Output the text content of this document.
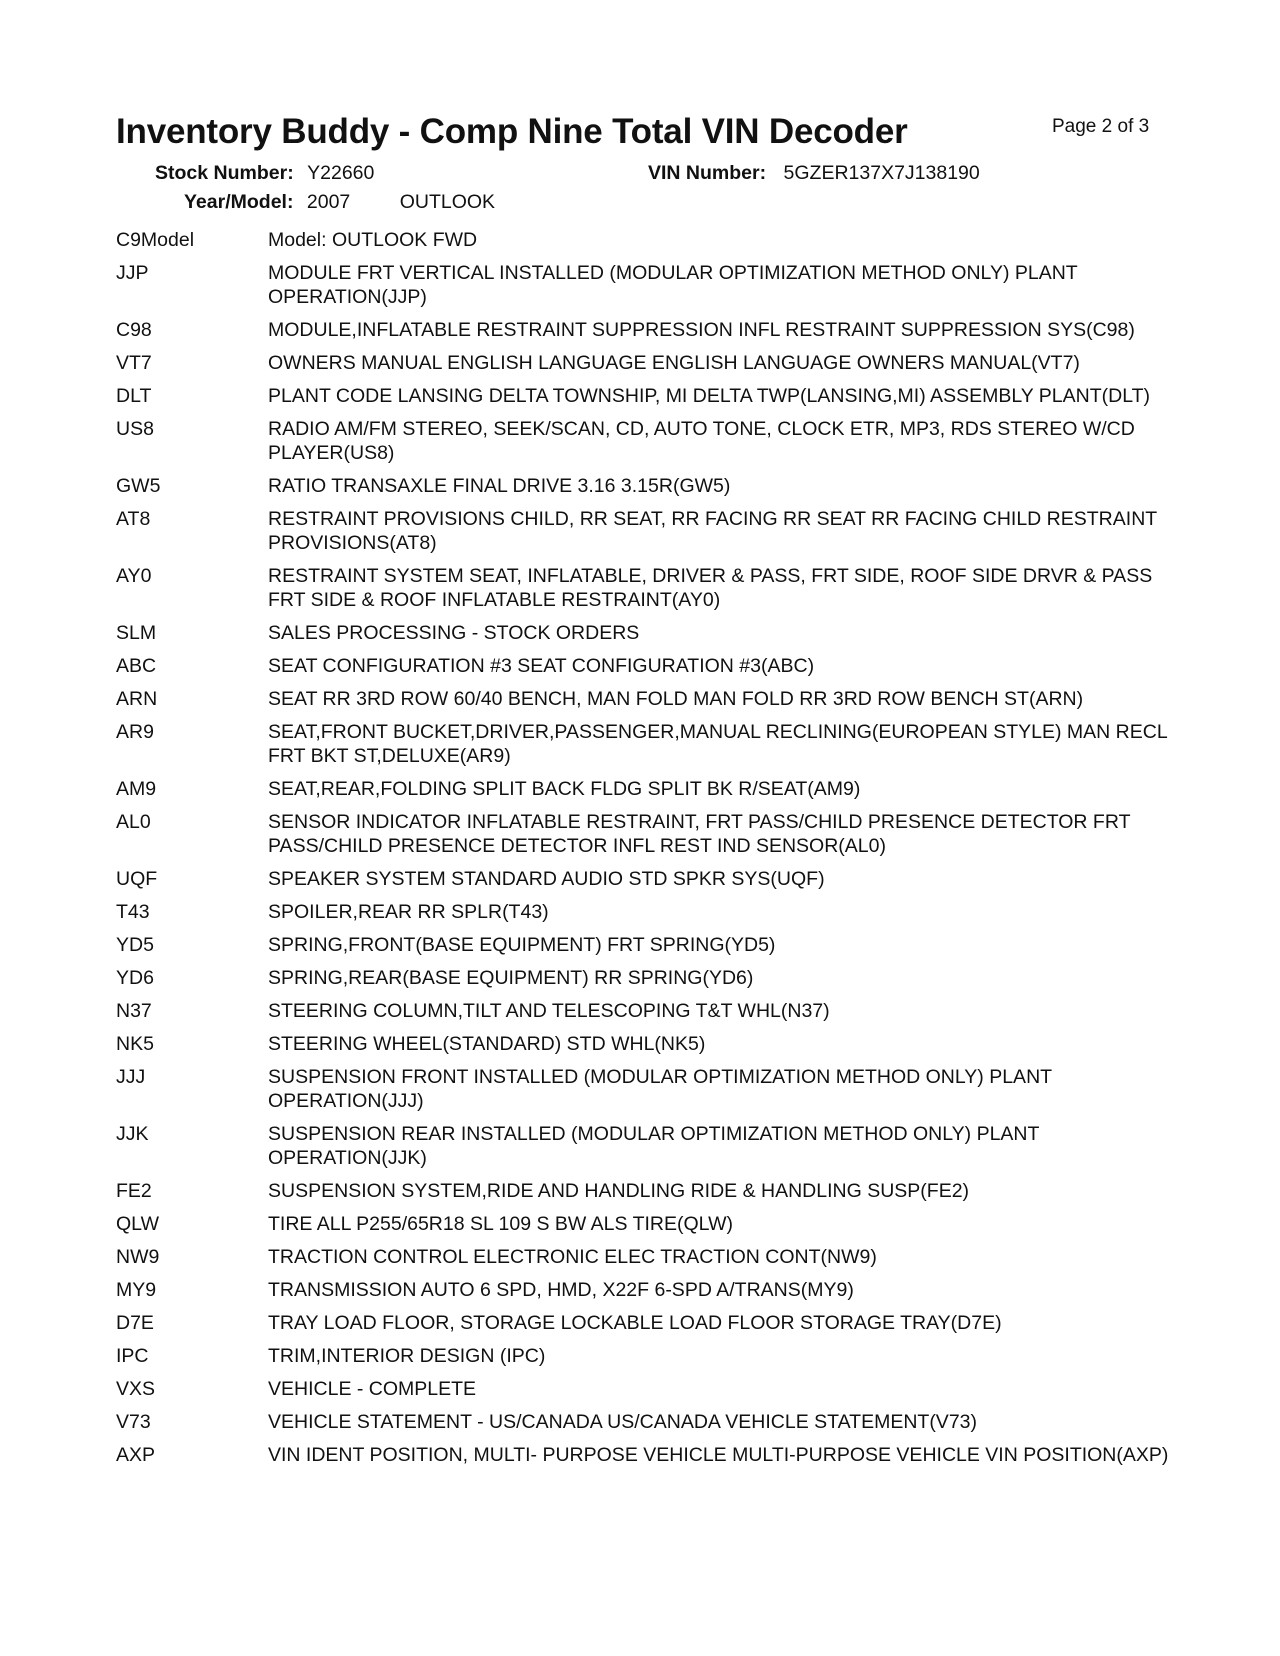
Inventory Buddy - Comp Nine Total VIN Decoder	Page 2 of 3
Stock Number: Y22660	VIN Number: 5GZER137X7J138190
Year/Model: 2007	OUTLOOK
C9Model	Model: OUTLOOK FWD
JJP	MODULE FRT VERTICAL INSTALLED (MODULAR OPTIMIZATION METHOD ONLY) PLANT OPERATION(JJP)
C98	MODULE,INFLATABLE RESTRAINT SUPPRESSION INFL RESTRAINT SUPPRESSION SYS(C98)
VT7	OWNERS MANUAL ENGLISH LANGUAGE ENGLISH LANGUAGE OWNERS MANUAL(VT7)
DLT	PLANT CODE LANSING DELTA TOWNSHIP, MI DELTA TWP(LANSING,MI) ASSEMBLY PLANT(DLT)
US8	RADIO AM/FM STEREO, SEEK/SCAN, CD, AUTO TONE, CLOCK ETR, MP3, RDS STEREO W/CD PLAYER(US8)
GW5	RATIO TRANSAXLE FINAL DRIVE 3.16 3.15R(GW5)
AT8	RESTRAINT PROVISIONS CHILD, RR SEAT, RR FACING RR SEAT RR FACING CHILD RESTRAINT PROVISIONS(AT8)
AY0	RESTRAINT SYSTEM SEAT, INFLATABLE, DRIVER & PASS, FRT SIDE, ROOF SIDE DRVR & PASS FRT SIDE & ROOF INFLATABLE RESTRAINT(AY0)
SLM	SALES PROCESSING - STOCK ORDERS
ABC	SEAT CONFIGURATION #3 SEAT CONFIGURATION #3(ABC)
ARN	SEAT RR 3RD ROW 60/40 BENCH, MAN FOLD MAN FOLD RR 3RD ROW BENCH ST(ARN)
AR9	SEAT,FRONT BUCKET,DRIVER,PASSENGER,MANUAL RECLINING(EUROPEAN STYLE) MAN RECL FRT BKT ST,DELUXE(AR9)
AM9	SEAT,REAR,FOLDING SPLIT BACK FLDG SPLIT BK R/SEAT(AM9)
AL0	SENSOR INDICATOR INFLATABLE RESTRAINT, FRT PASS/CHILD PRESENCE DETECTOR FRT PASS/CHILD PRESENCE DETECTOR INFL REST IND SENSOR(AL0)
UQF	SPEAKER SYSTEM STANDARD AUDIO STD SPKR SYS(UQF)
T43	SPOILER,REAR RR SPLR(T43)
YD5	SPRING,FRONT(BASE EQUIPMENT) FRT SPRING(YD5)
YD6	SPRING,REAR(BASE EQUIPMENT) RR SPRING(YD6)
N37	STEERING COLUMN,TILT AND TELESCOPING T&T WHL(N37)
NK5	STEERING WHEEL(STANDARD) STD WHL(NK5)
JJJ	SUSPENSION FRONT INSTALLED (MODULAR OPTIMIZATION METHOD ONLY) PLANT OPERATION(JJJ)
JJK	SUSPENSION REAR INSTALLED (MODULAR OPTIMIZATION METHOD ONLY) PLANT OPERATION(JJK)
FE2	SUSPENSION SYSTEM,RIDE AND HANDLING RIDE & HANDLING SUSP(FE2)
QLW	TIRE ALL P255/65R18 SL 109 S BW ALS TIRE(QLW)
NW9	TRACTION CONTROL ELECTRONIC ELEC TRACTION CONT(NW9)
MY9	TRANSMISSION AUTO 6 SPD, HMD, X22F 6-SPD A/TRANS(MY9)
D7E	TRAY LOAD FLOOR, STORAGE LOCKABLE LOAD FLOOR STORAGE TRAY(D7E)
IPC	TRIM,INTERIOR DESIGN (IPC)
VXS	VEHICLE - COMPLETE
V73	VEHICLE STATEMENT - US/CANADA US/CANADA VEHICLE STATEMENT(V73)
AXP	VIN IDENT POSITION, MULTI- PURPOSE VEHICLE MULTI-PURPOSE VEHICLE VIN POSITION(AXP)
